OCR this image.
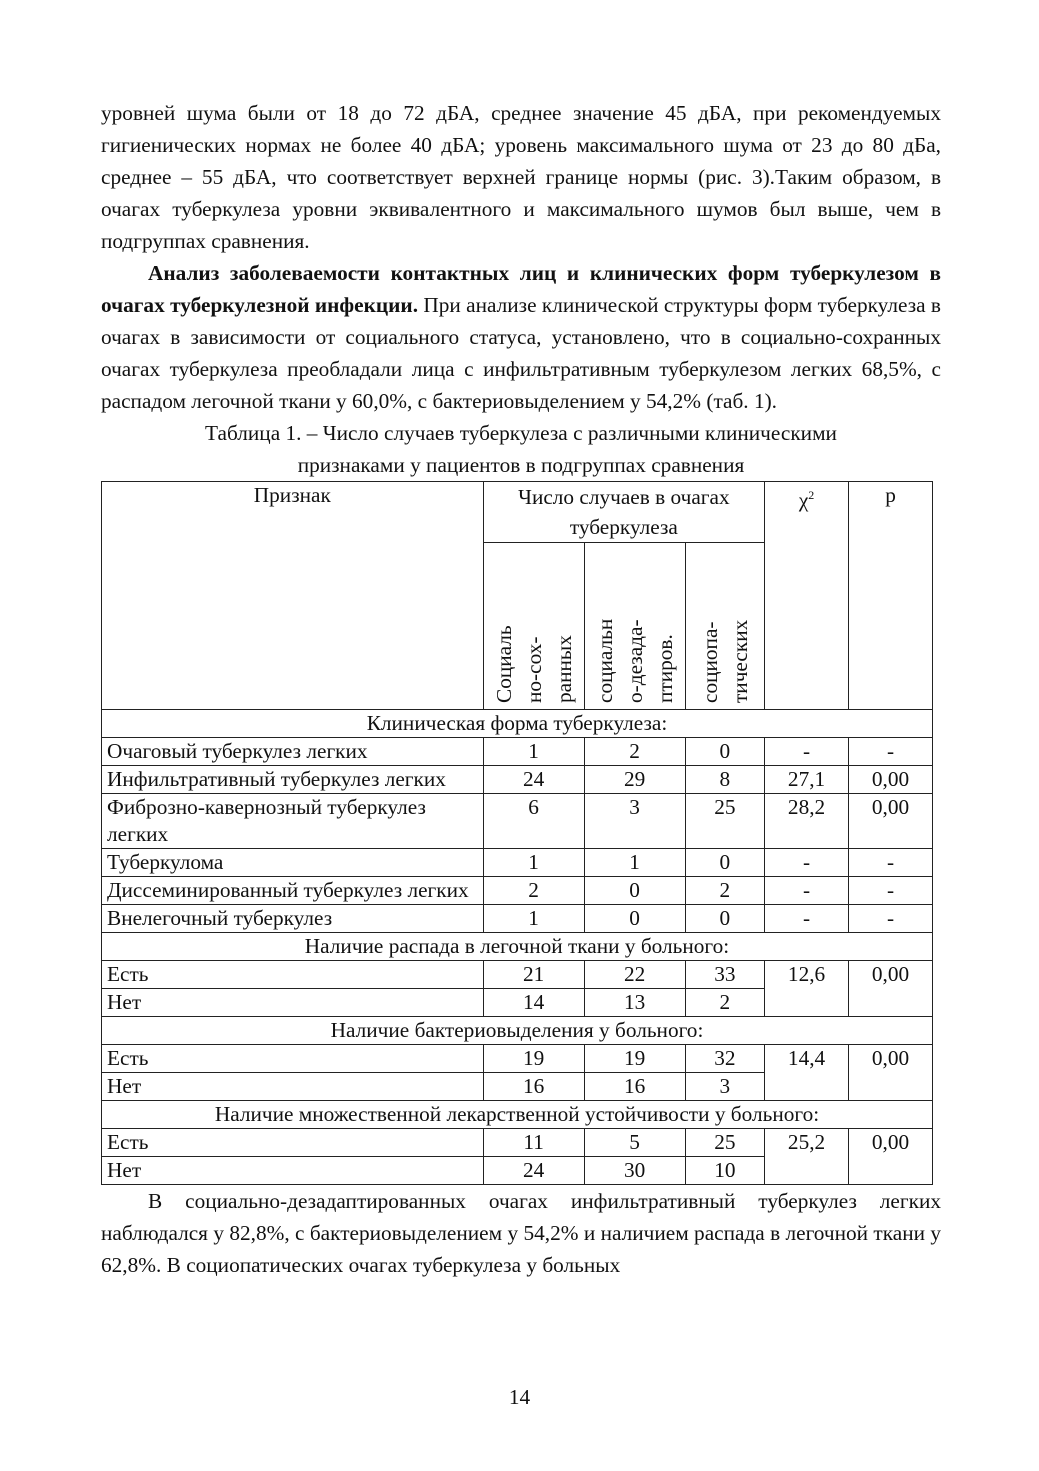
уровней шума были от 18 до 72 дБА, среднее значение 45 дБА, при рекомендуемых гигиенических нормах не более 40 дБА; уровень максимального шума от 23 до 80 дБа, среднее – 55 дБА, что соответствует верхней границе нормы (рис. 3).Таким образом, в очагах туберкулеза уровни эквивалентного и максимального шумов был выше, чем в подгруппах сравнения.

Анализ заболеваемости контактных лиц и клинических форм туберкулезом в очагах туберкулезной инфекции. При анализе клинической структуры форм туберкулеза в очагах в зависимости от социального статуса, установлено, что в социально-сохранных очагах туберкулеза преобладали лица с инфильтративным туберкулезом легких 68,5%, с распадом легочной ткани у 60,0%, с бактериовыделением у 54,2% (таб. 1).

Таблица 1. – Число случаев туберкулеза с различными клиническими
признаками у пациентов в подгруппах сравнения
Признак	Число случаев в очагах туберкулеза			$\chi^2$	р

	Социаль
но-сох-
ранных	социальн
о-дезада-
птиров.	социопа-
тических		

Клиническая форма туберкулеза:					
Очаговый туберкулез легких	1	2	0	-	-
Инфильтративный туберкулез легких	24	29	8	27,1	0,00
Фиброзно-кавернозный туберкулез легких	6	3	25	28,2	0,00
Туберкулома	1	1	0	-	-
Диссеминированный туберкулез легких	2	0	2	-	-
Внелегочный туберкулез	1	0	0	-	-
Наличие распада в легочной ткани у больного:					
Есть	21	22	33	12,6	0,00
Нет	14	13	2		
Наличие бактериовыделения у больного:					
Есть	19	19	32	14,4	0,00
Нет	16	16	3		
Наличие множественной лекарственной устойчивости у больного:					
Есть	11	5	25	25,2	0,00
Нет	24	30	10		

В социально-дезадаптированных очагах инфильтративный туберкулез легких наблюдался у 82,8%, с бактериовыделением у 54,2% и наличием распада в легочной ткани у 62,8%. В социопатических очагах туберкулеза у больных

14
